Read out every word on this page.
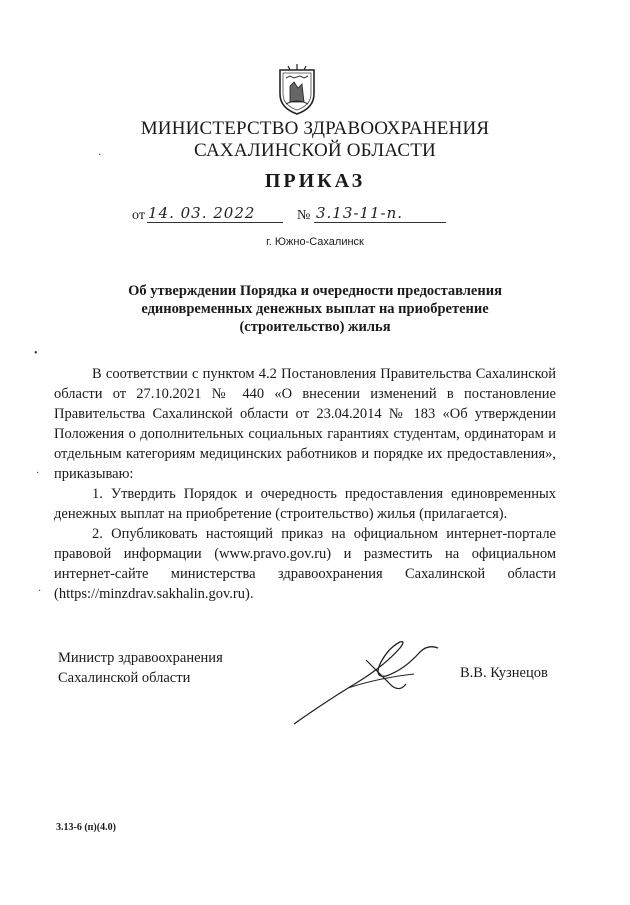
МИНИСТЕРСТВО ЗДРАВООХРАНЕНИЯ
САХАЛИНСКОЙ ОБЛАСТИ
ПРИКАЗ
от 14. 03. 2022	№ 3.13-11-п.
г. Южно-Сахалинск
Об утверждении Порядка и очередности предоставления
единовременных денежных выплат на приобретение
(строительство) жилья

В соответствии с пунктом 4.2 Постановления Правительства Сахалинской области от 27.10.2021 № 440 «О внесении изменений в постановление Правительства Сахалинской области от 23.04.2014 № 183 «Об утверждении Положения о дополнительных социальных гарантиях студентам, ординаторам и отдельным категориям медицинских работников и порядке их предоставления», приказываю:

1. Утвердить Порядок и очередность предоставления единовременных денежных выплат на приобретение (строительство) жилья (прилагается).

2. Опубликовать настоящий приказ на официальном интернет-портале правовой информации (www.pravo.gov.ru) и разместить на официальном интернет-сайте министерства здравоохранения Сахалинской области (https://minzdrav.sakhalin.gov.ru).

Министр здравоохранения
Сахалинской области	В.В. Кузнецов
3.13-6 (п)(4.0)
•
·
·
·
